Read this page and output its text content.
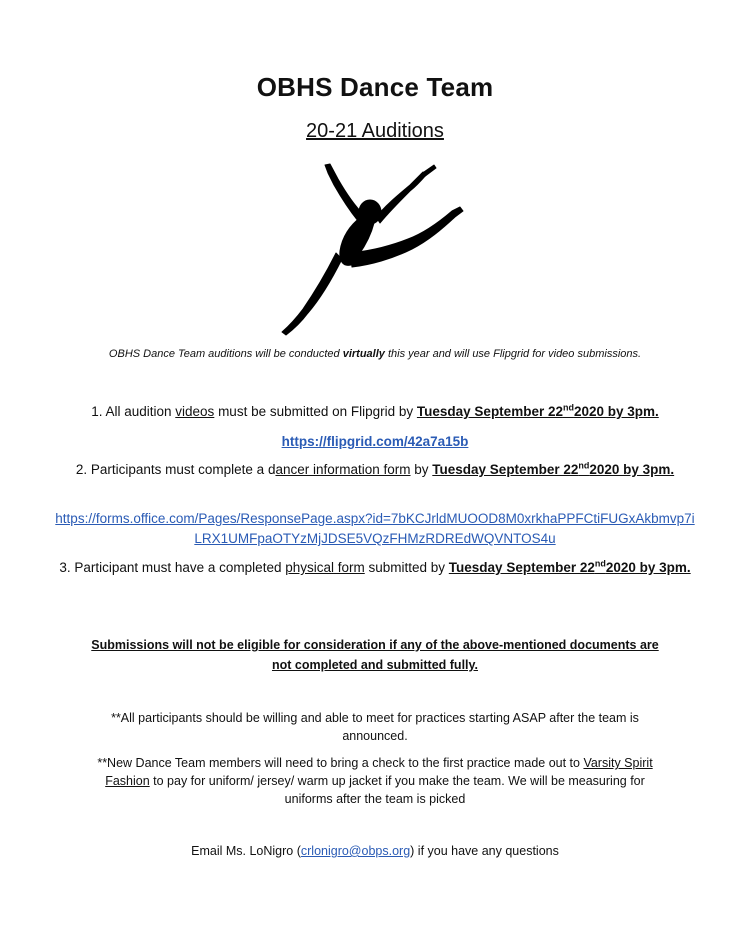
OBHS Dance Team
20-21 Auditions
OBHS Dance Team auditions will be conducted virtually this year and will use Flipgrid for video submissions.
1. All audition videos must be submitted on Flipgrid by Tuesday September 22nd2020 by 3pm.
https://flipgrid.com/42a7a15b
2. Participants must complete a dancer information form by Tuesday September 22nd2020 by 3pm.
https://forms.office.com/Pages/ResponsePage.aspx?id=7bKCJrldMUOOD8M0xrkhaPPFCtiFUGxAkbmvp7iLRX1UMFpaOTYzMjJDSE5VQzFHMzRDREdWQVNTOS4u
3. Participant must have a completed physical form submitted by Tuesday September 22nd2020 by 3pm.
Submissions will not be eligible for consideration if any of the above-mentioned documents are not completed and submitted fully.
**All participants should be willing and able to meet for practices starting ASAP after the team is announced.
**New Dance Team members will need to bring a check to the first practice made out to Varsity Spirit Fashion to pay for uniform/ jersey/ warm up jacket if you make the team. We will be measuring for uniforms after the team is picked
Email Ms. LoNigro (crlonigro@obps.org) if you have any questions
